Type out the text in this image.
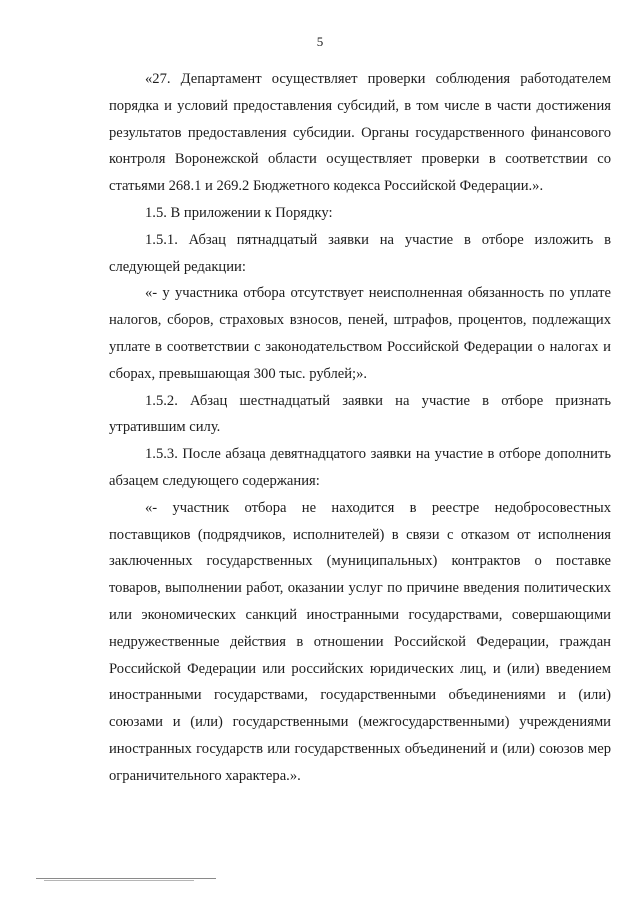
5

«27. Департамент осуществляет проверки соблюдения работодателем порядка и условий предоставления субсидий, в том числе в части достижения результатов предоставления субсидии. Органы государственного финансового контроля Воронежской области осуществляет проверки в соответствии со статьями 268.1 и 269.2 Бюджетного кодекса Российской Федерации.».

1.5. В приложении к Порядку:

1.5.1. Абзац пятнадцатый заявки на участие в отборе изложить в следующей редакции:

«- у участника отбора отсутствует неисполненная обязанность по уплате налогов, сборов, страховых взносов, пеней, штрафов, процентов, подлежащих уплате в соответствии с законодательством Российской Федерации о налогах и сборах, превышающая 300 тыс. рублей;».

1.5.2. Абзац шестнадцатый заявки на участие в отборе признать утратившим силу.

1.5.3. После абзаца девятнадцатого заявки на участие в отборе дополнить абзацем следующего содержания:

«- участник отбора не находится в реестре недобросовестных поставщиков (подрядчиков, исполнителей) в связи с отказом от исполнения заключенных государственных (муниципальных) контрактов о поставке товаров, выполнении работ, оказании услуг по причине введения политических или экономических санкций иностранными государствами, совершающими недружественные действия в отношении Российской Федерации, граждан Российской Федерации или российских юридических лиц, и (или) введением иностранными государствами, государственными объединениями и (или) союзами и (или) государственными (межгосударственными) учреждениями иностранных государств или государственных объединений и (или) союзов мер ограничительного характера.».
